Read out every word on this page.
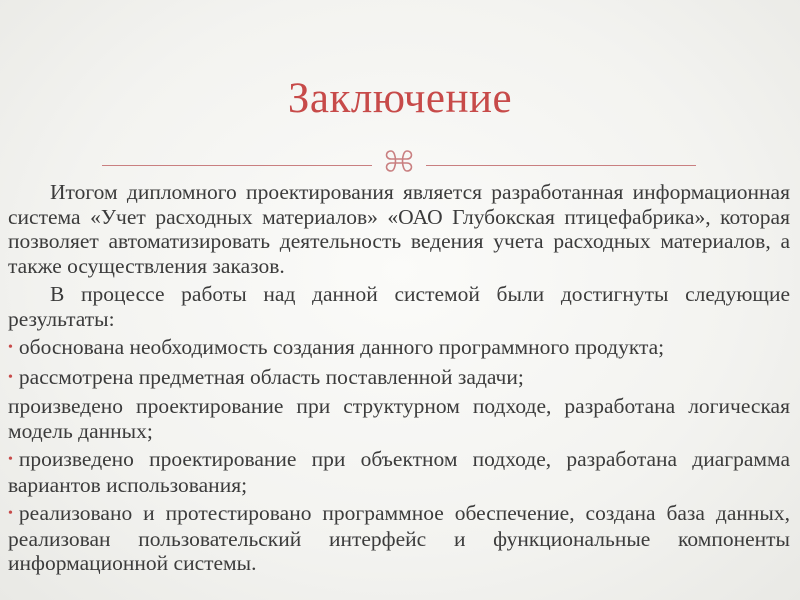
Заключение

Итогом дипломного проектирования является разработанная информационная система «Учет расходных материалов» «ОАО Глубокская птицефабрика», которая позволяет автоматизировать деятельность ведения учета расходных материалов, а также осуществления заказов.

В процессе работы над данной системой были достигнуты следующие результаты:

• обоснована необходимость создания данного программного продукта;
• рассмотрена предметная область поставленной задачи;

произведено проектирование при структурном подходе, разработана логическая модель данных;

• произведено проектирование при объектном подходе, разработана диаграмма вариантов использования;
• реализовано и протестировано программное обеспечение, создана база данных, реализован пользовательский интерфейс и функциональные компоненты информационной системы.
